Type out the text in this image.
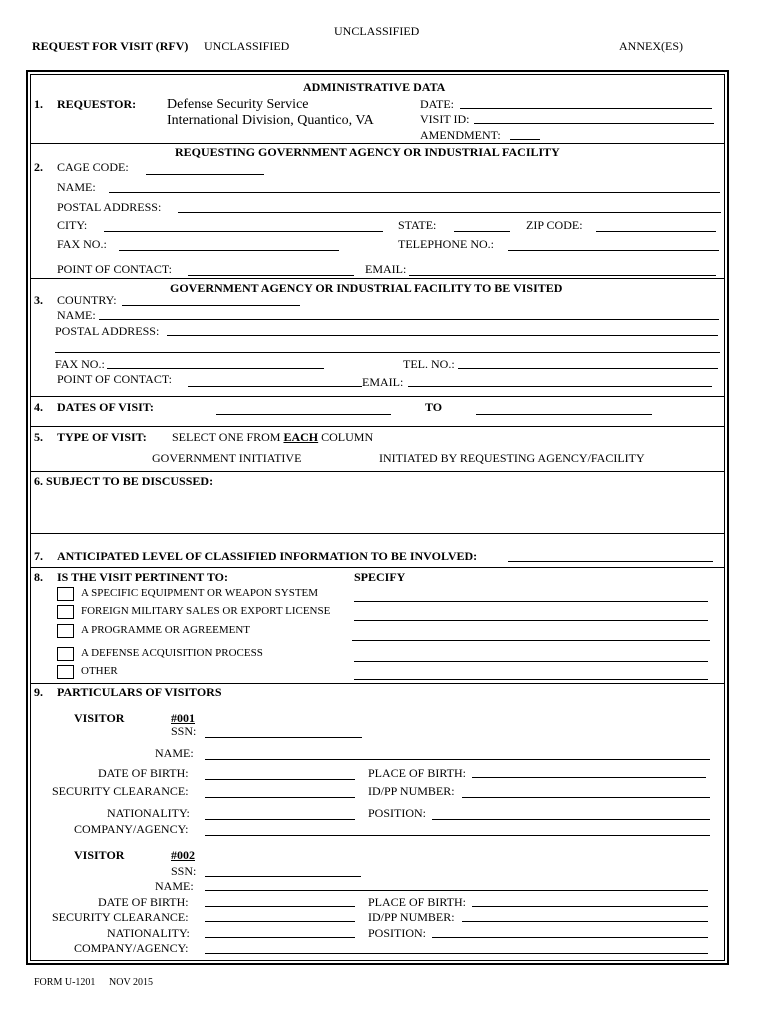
UNCLASSIFIED
REQUEST FOR VISIT (RFV) UNCLASSIFIED	ANNEX(ES)
ADMINISTRATIVE DATA
1. REQUESTOR: Defense Security Service
International Division, Quantico, VA
DATE:
VISIT ID:
AMENDMENT:
REQUESTING GOVERNMENT AGENCY OR INDUSTRIAL FACILITY
2. CAGE CODE:
NAME:
POSTAL ADDRESS:
CITY:	STATE:	ZIP CODE:
FAX NO.:	TELEPHONE NO.:
POINT OF CONTACT:	EMAIL:
GOVERNMENT AGENCY OR INDUSTRIAL FACILITY TO BE VISITED
3. COUNTRY:
NAME:
POSTAL ADDRESS:
FAX NO.:	TEL. NO.:
POINT OF CONTACT:	EMAIL:
4. DATES OF VISIT:	TO
5. TYPE OF VISIT: SELECT ONE FROM EACH COLUMN
GOVERNMENT INITIATIVE	INITIATED BY REQUESTING AGENCY/FACILITY
6. SUBJECT TO BE DISCUSSED:
7. ANTICIPATED LEVEL OF CLASSIFIED INFORMATION TO BE INVOLVED:
8. IS THE VISIT PERTINENT TO:	SPECIFY
A SPECIFIC EQUIPMENT OR WEAPON SYSTEM
FOREIGN MILITARY SALES OR EXPORT LICENSE
A PROGRAMME OR AGREEMENT
A DEFENSE ACQUISITION PROCESS
OTHER
9. PARTICULARS OF VISITORS
VISITOR	#001
SSN:
NAME:
DATE OF BIRTH:	PLACE OF BIRTH:
SECURITY CLEARANCE:	ID/PP NUMBER:
NATIONALITY:	POSITION:
COMPANY/AGENCY:
VISITOR	#002
SSN:
NAME:
DATE OF BIRTH:	PLACE OF BIRTH:
SECURITY CLEARANCE:	ID/PP NUMBER:
NATIONALITY:	POSITION:
COMPANY/AGENCY:
FORM U-1201 NOV 2015
